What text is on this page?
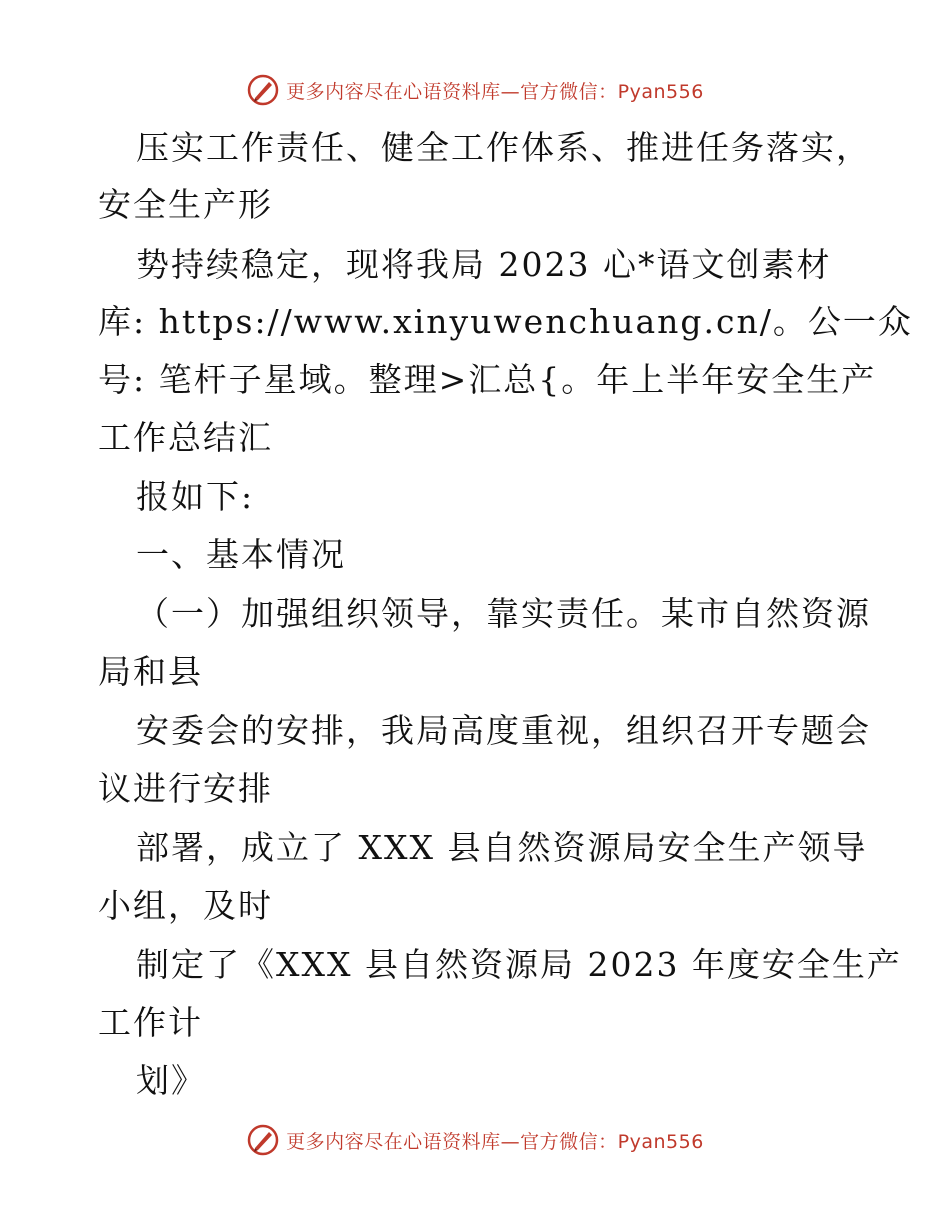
更多内容尽在心语资料库—官方微信：Pyan556
压实工作责任、健全工作体系、推进任务落实，
安全生产形
势持续稳定，现将我局 2023 心*语文创素材
库: https://www.xinyuwenchuang.cn/。公一众
号: 笔杆子星域。整理>汇总{。年上半年安全生产
工作总结汇
报如下:
一、基本情况
（一）加强组织领导，靠实责任。某市自然资源
局和县
安委会的安排，我局高度重视，组织召开专题会
议进行安排
部署，成立了 XXX 县自然资源局安全生产领导
小组，及时
制定了《XXX 县自然资源局 2023 年度安全生产
工作计
划》
更多内容尽在心语资料库—官方微信：Pyan556
